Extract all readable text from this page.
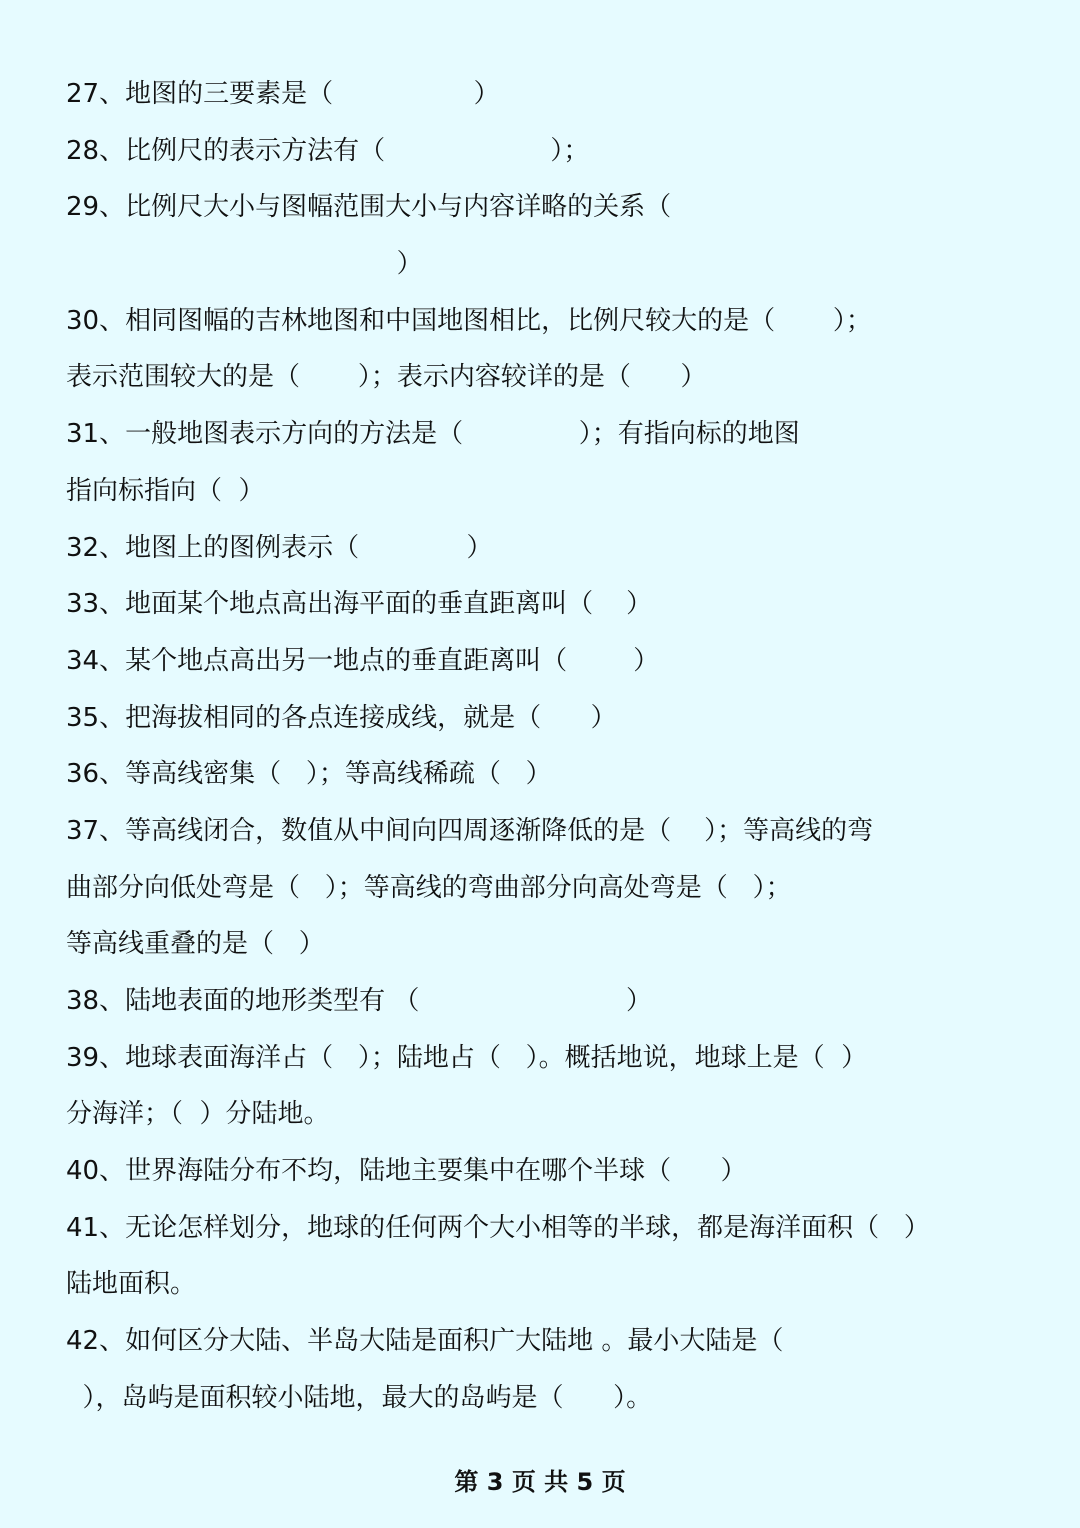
27、地图的三要素是（                 ）
28、比例尺的表示方法有（                    ）；
29、比例尺大小与图幅范围大小与内容详略的关系（
）
30、相同图幅的吉林地图和中国地图相比，比例尺较大的是（       ）；
表示范围较大的是（       ）；表示内容较详的是（      ）
31、一般地图表示方向的方法是（              ）；有指向标的地图
指向标指向（  ）
32、地图上的图例表示（             ）
33、地面某个地点高出海平面的垂直距离叫（    ）
34、某个地点高出另一地点的垂直距离叫（        ）
35、把海拔相同的各点连接成线，就是（      ）
36、等高线密集（   ）；等高线稀疏（   ）
37、等高线闭合，数值从中间向四周逐渐降低的是（    ）；等高线的弯
曲部分向低处弯是（   ）；等高线的弯曲部分向高处弯是（   ）；
等高线重叠的是（   ）
38、陆地表面的地形类型有 （                         ）
39、地球表面海洋占（   ）；陆地占（   ）。概括地说，地球上是（  ）
分海洋；（  ）分陆地。
40、世界海陆分布不均，陆地主要集中在哪个半球（      ）
41、无论怎样划分，地球的任何两个大小相等的半球，都是海洋面积（   ）
陆地面积。
42、如何区分大陆、半岛大陆是面积广大陆地 。最小大陆是（
），岛屿是面积较小陆地，最大的岛屿是（      ）。
第 3 页 共 5 页
